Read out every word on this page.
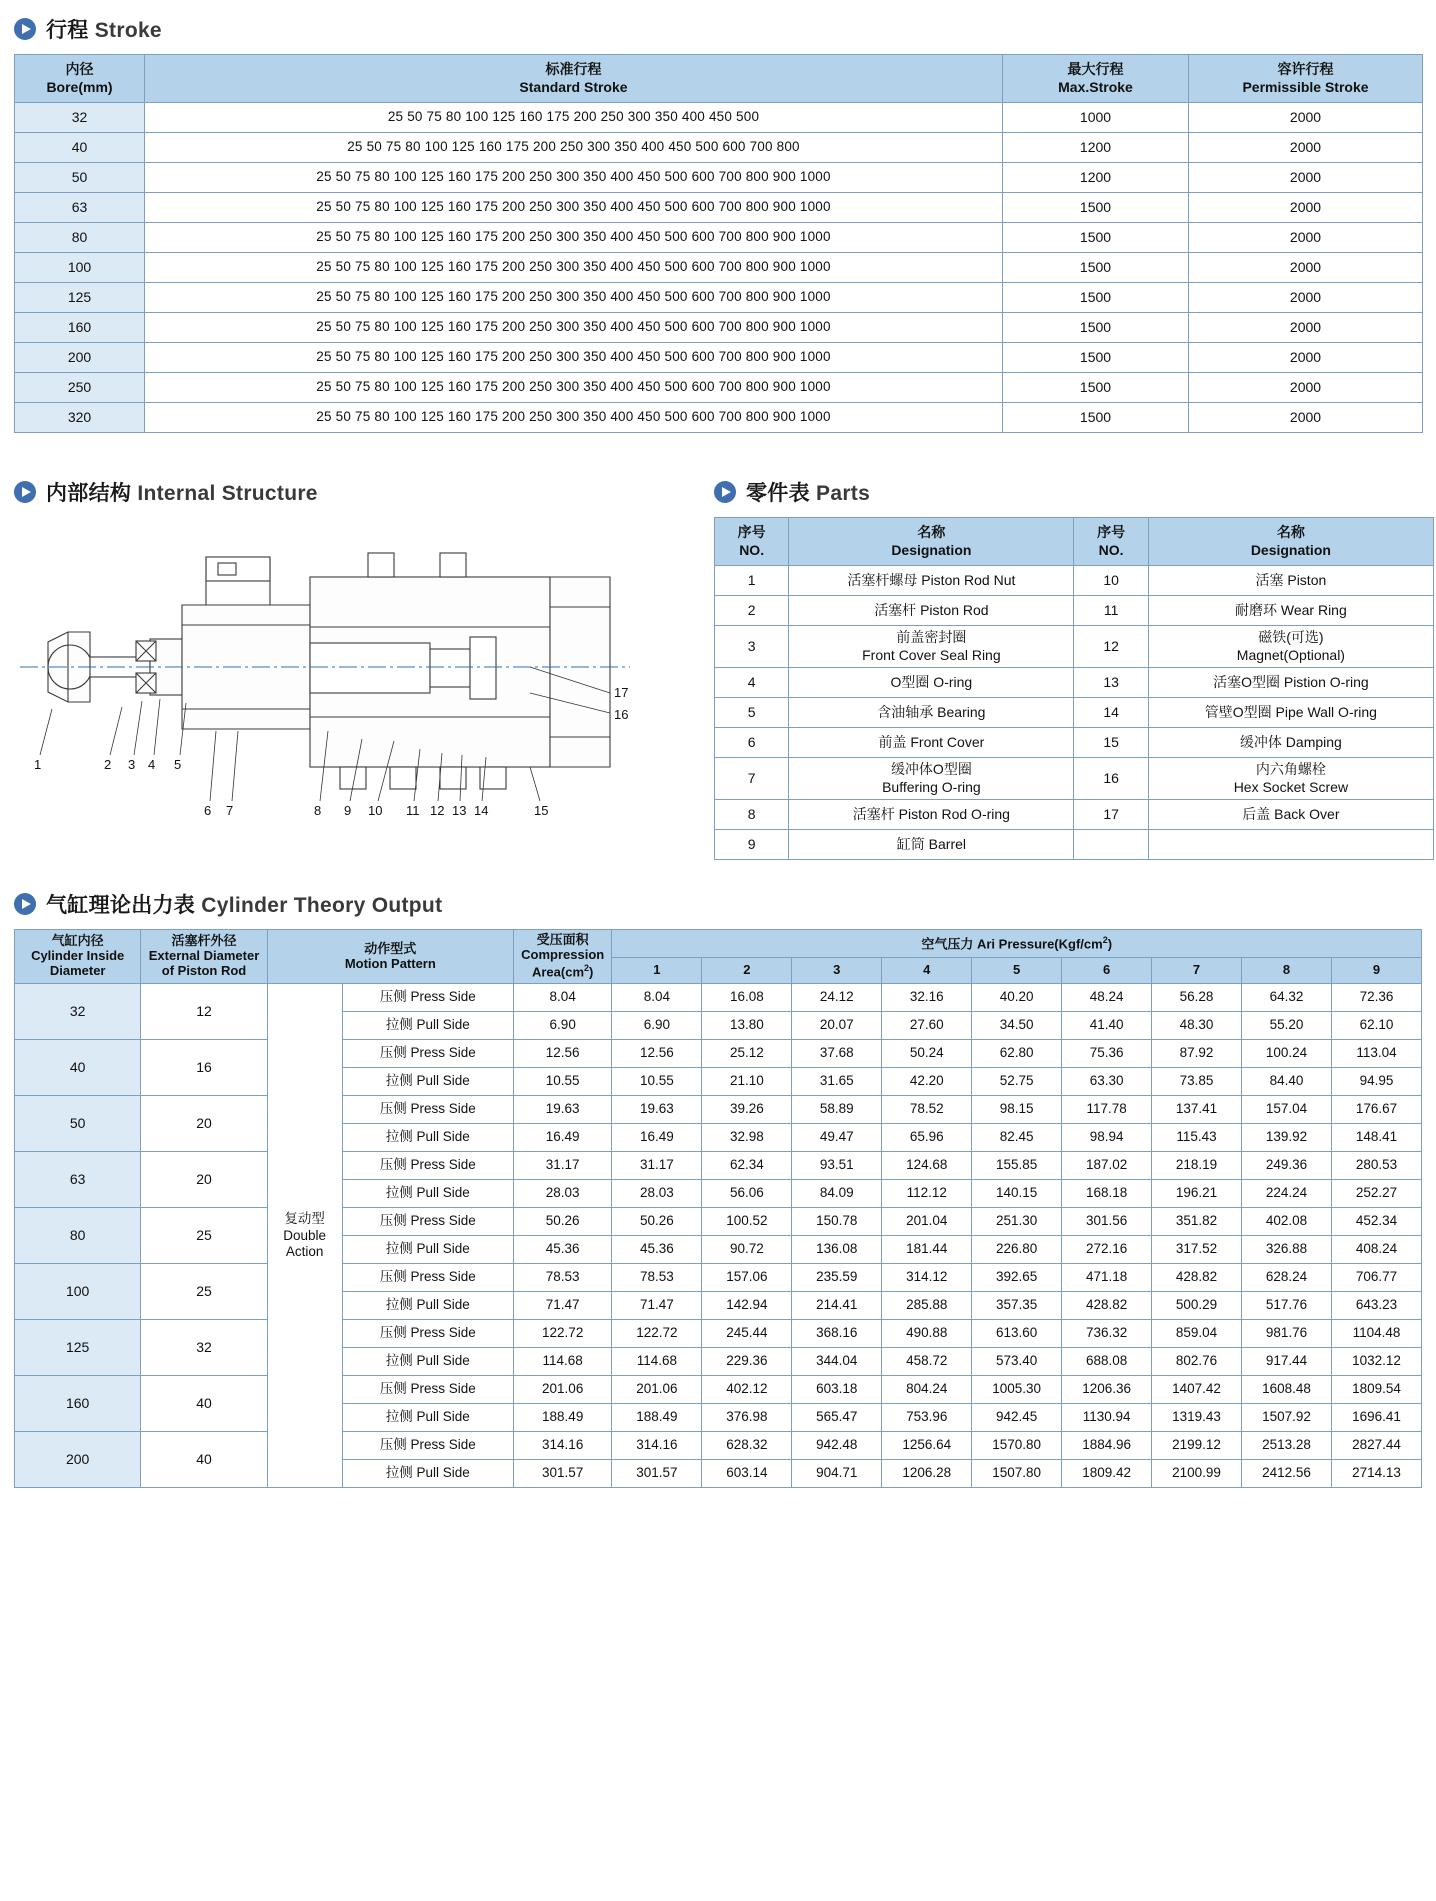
行程 Stroke
内径
Bore(mm)

标准行程
Standard Stroke

最大行程
Max.Stroke

容许行程
Permissible Stroke

32	25 50 75 80 100 125 160 175 200 250 300 350 400 450 500	1000	2000
40	25 50 75 80 100 125 160 175 200 250 300 350 400 450 500 600 700 800	1200	2000
50	25 50 75 80 100 125 160 175 200 250 300 350 400 450 500 600 700 800 900 1000	1200	2000
63	25 50 75 80 100 125 160 175 200 250 300 350 400 450 500 600 700 800 900 1000	1500	2000
80	25 50 75 80 100 125 160 175 200 250 300 350 400 450 500 600 700 800 900 1000	1500	2000
100	25 50 75 80 100 125 160 175 200 250 300 350 400 450 500 600 700 800 900 1000	1500	2000
125	25 50 75 80 100 125 160 175 200 250 300 350 400 450 500 600 700 800 900 1000	1500	2000
160	25 50 75 80 100 125 160 175 200 250 300 350 400 450 500 600 700 800 900 1000	1500	2000
200	25 50 75 80 100 125 160 175 200 250 300 350 400 450 500 600 700 800 900 1000	1500	2000
250	25 50 75 80 100 125 160 175 200 250 300 350 400 450 500 600 700 800 900 1000	1500	2000
320	25 50 75 80 100 125 160 175 200 250 300 350 400 450 500 600 700 800 900 1000	1500	2000
内部结构 Internal Structure
1	2 3 4 5
6 7	8 9 10 11 12 13 14	15
16
17
零件表 Parts
序号
NO.

名称
Designation

序号
NO.

名称
Designation

1	活塞杆螺母 Piston Rod Nut	10	活塞 Piston

2	活塞杆 Piston Rod	11	耐磨环 Wear Ring

3	
前盖密封圈
Front Cover Seal Ring
	12	
磁铁(可选)
Magnet(Optional)

4	O型圈 O-ring	13	活塞O型圈 Pistion O-ring

5	含油轴承 Bearing	14	管壁O型圈 Pipe Wall O-ring

6	前盖 Front Cover	15	缓冲体 Damping

7	
缓冲体O型圈
Buffering O-ring
	16	
内六角螺栓
Hex Socket Screw

8	活塞杆 Piston Rod O-ring	17	后盖 Back Over

9	缸筒 Barrel		

气缸理论出力表 Cylinder Theory Output
气缸内径
Cylinder Inside
Diameter

活塞杆外径
External Diameter
of Piston Rod

动作型式
Motion Pattern

受压面积
Compression
$Area(cm^2)$
	空气压力 Ari $Pressure(Kgf/cm^2)$
					1	2	3	4	5	6	7	8	9
32	12	复动型
Double
Action	压侧 Press Side	8.04	8.04	16.08	24.12	32.16	40.20	48.24	56.28	64.32	72.36
			拉侧 Pull Side	6.90	6.90	13.80	20.07	27.60	34.50	41.40	48.30	55.20	62.10
40	16		压侧 Press Side	12.56	12.56	25.12	37.68	50.24	62.80	75.36	87.92	100.24	113.04
			拉侧 Pull Side	10.55	10.55	21.10	31.65	42.20	52.75	63.30	73.85	84.40	94.95
50	20		压侧 Press Side	19.63	19.63	39.26	58.89	78.52	98.15	117.78	137.41	157.04	176.67
			拉侧 Pull Side	16.49	16.49	32.98	49.47	65.96	82.45	98.94	115.43	139.92	148.41
63	20		压侧 Press Side	31.17	31.17	62.34	93.51	124.68	155.85	187.02	218.19	249.36	280.53
			拉侧 Pull Side	28.03	28.03	56.06	84.09	112.12	140.15	168.18	196.21	224.24	252.27
80	25		压侧 Press Side	50.26	50.26	100.52	150.78	201.04	251.30	301.56	351.82	402.08	452.34
			拉侧 Pull Side	45.36	45.36	90.72	136.08	181.44	226.80	272.16	317.52	326.88	408.24
100	25		压侧 Press Side	78.53	78.53	157.06	235.59	314.12	392.65	471.18	428.82	628.24	706.77
			拉侧 Pull Side	71.47	71.47	142.94	214.41	285.88	357.35	428.82	500.29	517.76	643.23
125	32		压侧 Press Side	122.72	122.72	245.44	368.16	490.88	613.60	736.32	859.04	981.76	1104.48
			拉侧 Pull Side	114.68	114.68	229.36	344.04	458.72	573.40	688.08	802.76	917.44	1032.12
160	40		压侧 Press Side	201.06	201.06	402.12	603.18	804.24	1005.30	1206.36	1407.42	1608.48	1809.54
			拉侧 Pull Side	188.49	188.49	376.98	565.47	753.96	942.45	1130.94	1319.43	1507.92	1696.41
200	40		压侧 Press Side	314.16	314.16	628.32	942.48	1256.64	1570.80	1884.96	2199.12	2513.28	2827.44
			拉侧 Pull Side	301.57	301.57	603.14	904.71	1206.28	1507.80	1809.42	2100.99	2412.56	2714.13
